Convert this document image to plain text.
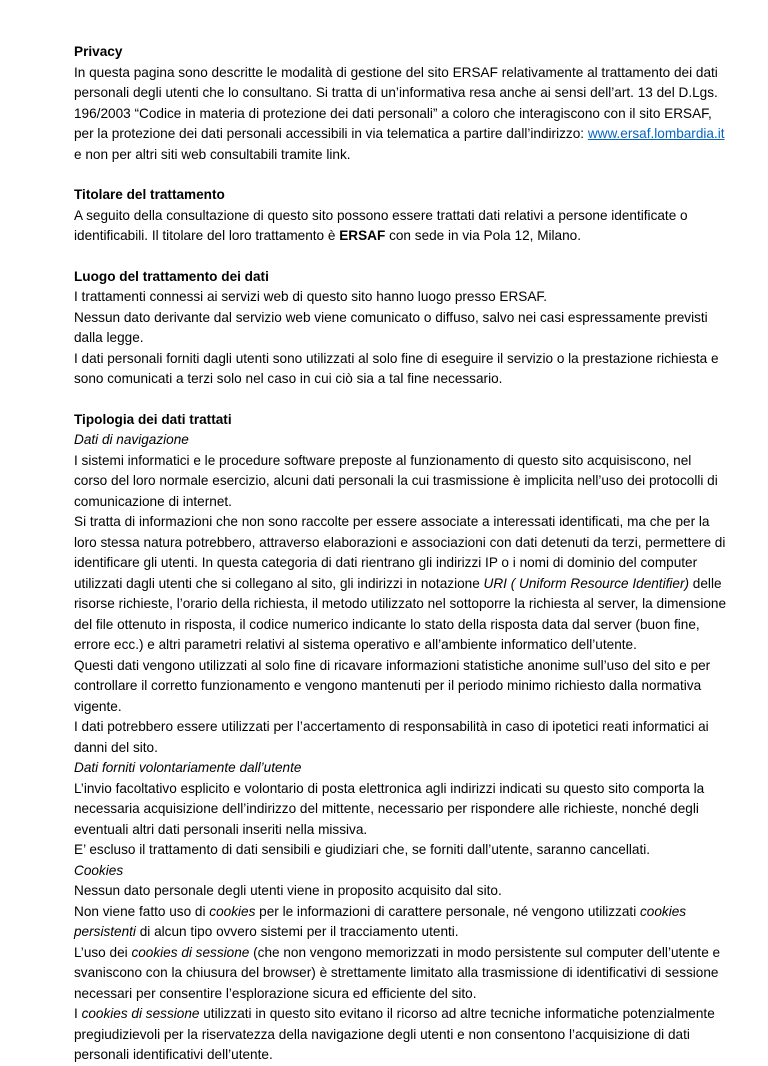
Privacy

In questa pagina sono descritte le modalità di gestione del sito ERSAF relativamente al trattamento dei dati personali degli utenti che lo consultano. Si tratta di un’informativa resa anche ai sensi dell’art. 13 del D.Lgs. 196/2003 “Codice in materia di protezione dei dati personali” a coloro che interagiscono con il sito ERSAF, per la protezione dei dati personali accessibili in via telematica a partire dall’indirizzo: www.ersaf.lombardia.it e non per altri siti web consultabili tramite link.

Titolare del trattamento

A seguito della consultazione di questo sito possono essere trattati dati relativi a persone identificate o identificabili. Il titolare del loro trattamento è ERSAF con sede in via Pola 12, Milano.

Luogo del trattamento dei dati

I trattamenti connessi ai servizi web di questo sito hanno luogo presso ERSAF.

Nessun dato derivante dal servizio web viene comunicato o diffuso, salvo nei casi espressamente previsti dalla legge.

I dati personali forniti dagli utenti sono utilizzati al solo fine di eseguire il servizio o la prestazione richiesta e sono comunicati a terzi solo nel caso in cui ciò sia a tal fine necessario.

Tipologia dei dati trattati
Dati di navigazione

I sistemi informatici e le procedure software preposte al funzionamento di questo sito acquisiscono, nel corso del loro normale esercizio, alcuni dati personali la cui trasmissione è implicita nell’uso dei protocolli di comunicazione di internet.

Si tratta di informazioni che non sono raccolte per essere associate a interessati identificati, ma che per la loro stessa natura potrebbero, attraverso elaborazioni e associazioni con dati detenuti da terzi, permettere di identificare gli utenti. In questa categoria di dati rientrano gli indirizzi IP o i nomi di dominio del computer utilizzati dagli utenti che si collegano al sito, gli indirizzi in notazione URI ( Uniform Resource Identifier) delle risorse richieste, l’orario della richiesta, il metodo utilizzato nel sottoporre la richiesta al server, la dimensione del file ottenuto in risposta, il codice numerico indicante lo stato della risposta data dal server (buon fine, errore ecc.) e altri parametri relativi al sistema operativo e all’ambiente informatico dell’utente.

Questi dati vengono utilizzati al solo fine di ricavare informazioni statistiche anonime sull’uso del sito e per controllare il corretto funzionamento e vengono mantenuti per il periodo minimo richiesto dalla normativa vigente.

I dati potrebbero essere utilizzati per l’accertamento di responsabilità in caso di ipotetici reati informatici ai danni del sito.

Dati forniti volontariamente dall’utente

L’invio facoltativo esplicito e volontario di posta elettronica agli indirizzi indicati su questo sito comporta la necessaria acquisizione dell’indirizzo del mittente, necessario per rispondere alle richieste, nonché degli eventuali altri dati personali inseriti nella missiva.

E’ escluso il trattamento di dati sensibili e giudiziari che, se forniti dall’utente, saranno cancellati.

Cookies

Nessun dato personale degli utenti viene in proposito acquisito dal sito.

Non viene fatto uso di cookies per le informazioni di carattere personale, né vengono utilizzati cookies persistenti di alcun tipo ovvero sistemi per il tracciamento utenti.

L’uso dei cookies di sessione (che non vengono memorizzati in modo persistente sul computer dell’utente e svaniscono con la chiusura del browser) è strettamente limitato alla trasmissione di identificativi di sessione necessari per consentire l’esplorazione sicura ed efficiente del sito.

I cookies di sessione utilizzati in questo sito evitano il ricorso ad altre tecniche informatiche potenzialmente pregiudizievoli per la riservatezza della navigazione degli utenti e non consentono l’acquisizione di dati personali identificativi dell’utente.
